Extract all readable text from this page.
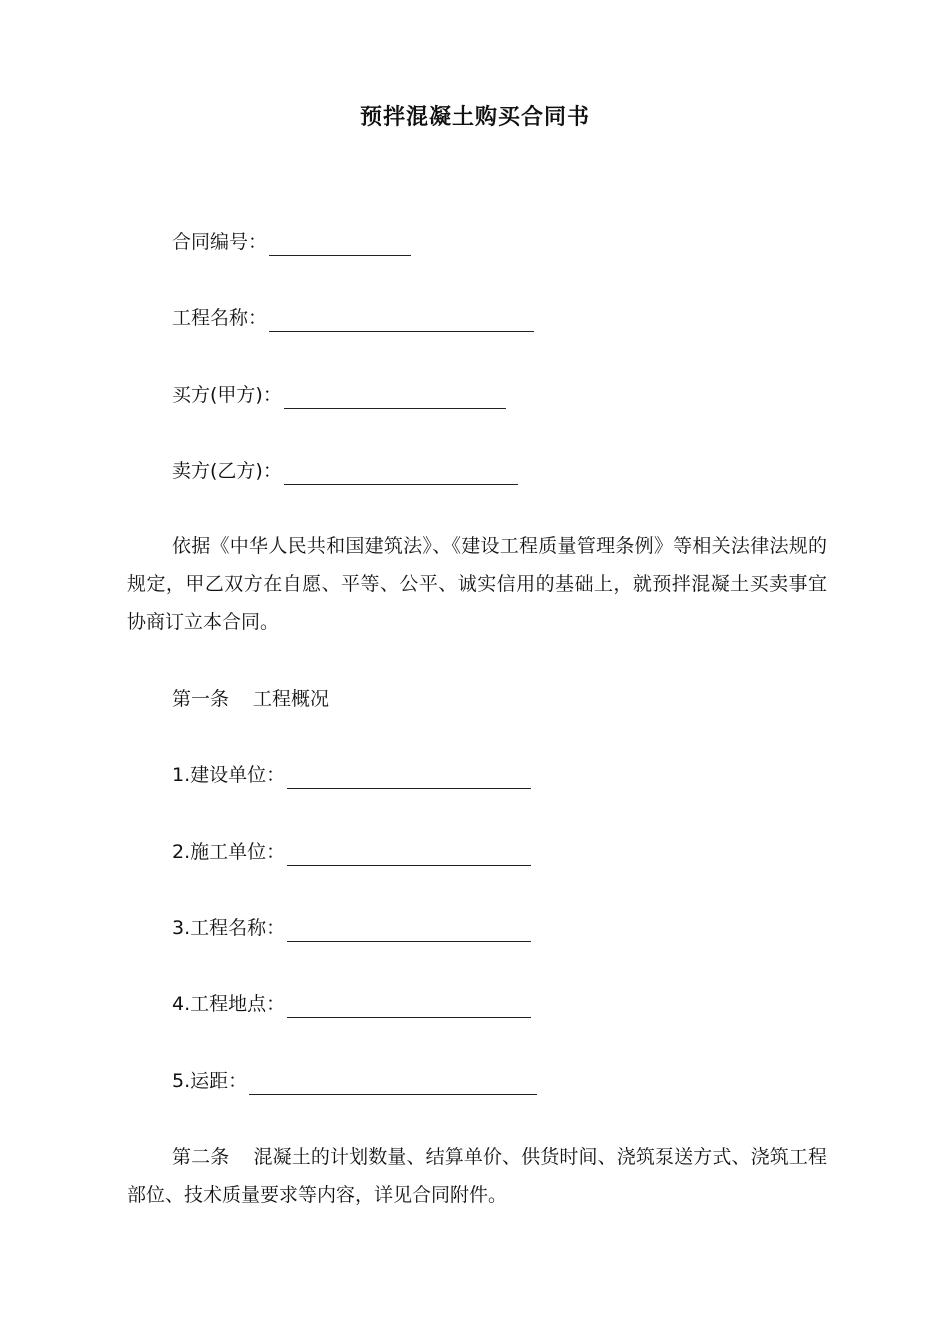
预拌混凝土购买合同书
合同编号：
工程名称：
买方(甲方)：
卖方(乙方)：
依据《中华人民共和国建筑法》、《建设工程质量管理条例》等相关法律法规的规定，甲乙双方在自愿、平等、公平、诚实信用的基础上，就预拌混凝土买卖事宜协商订立本合同。
第一条 工程概况
1.建设单位：
2.施工单位：
3.工程名称：
4.工程地点：
5.运距：
第二条 混凝土的计划数量、结算单价、供货时间、浇筑泵送方式、浇筑工程部位、技术质量要求等内容，详见合同附件。
